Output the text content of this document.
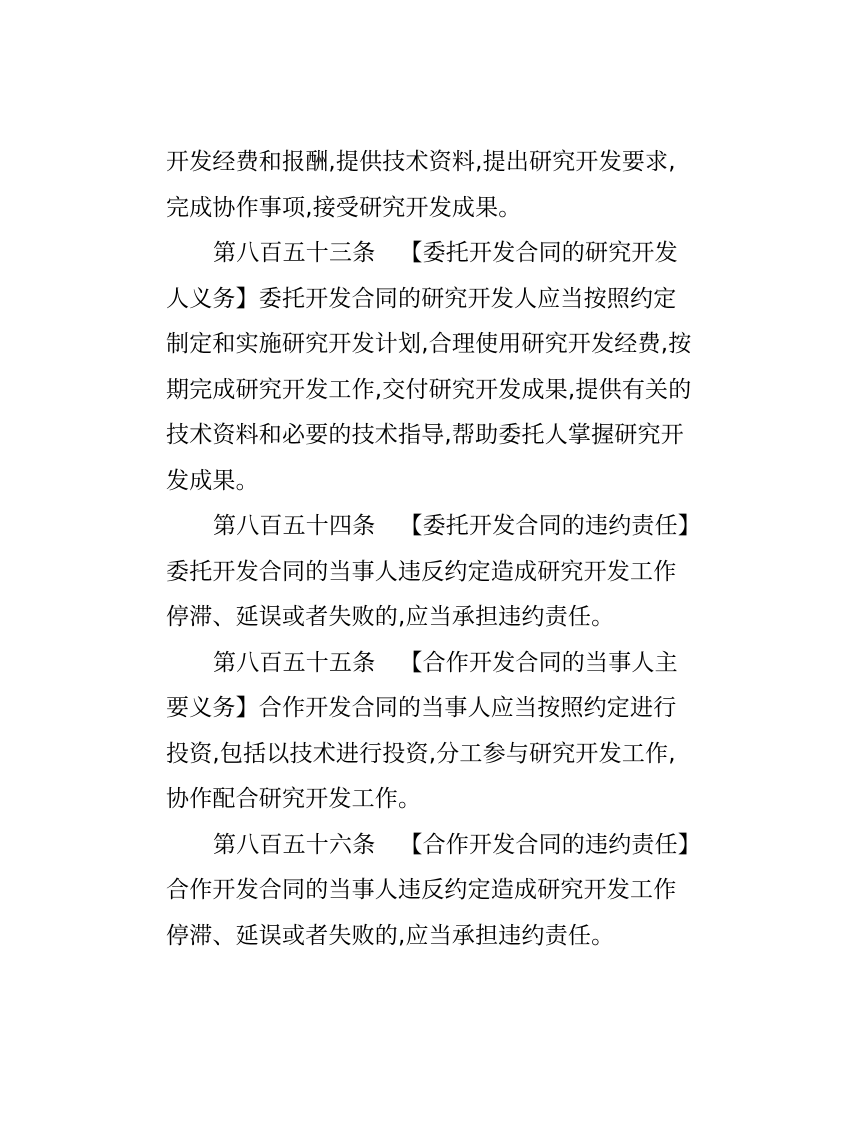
开发经费和报酬,提供技术资料,提出研究开发要求,
完成协作事项,接受研究开发成果。
第八百五十三条 【委托开发合同的研究开发
人义务】委托开发合同的研究开发人应当按照约定
制定和实施研究开发计划,合理使用研究开发经费,按
期完成研究开发工作,交付研究开发成果,提供有关的
技术资料和必要的技术指导,帮助委托人掌握研究开
发成果。
第八百五十四条 【委托开发合同的违约责任】
委托开发合同的当事人违反约定造成研究开发工作
停滞、延误或者失败的,应当承担违约责任。
第八百五十五条 【合作开发合同的当事人主
要义务】合作开发合同的当事人应当按照约定进行
投资,包括以技术进行投资,分工参与研究开发工作,
协作配合研究开发工作。
第八百五十六条 【合作开发合同的违约责任】
合作开发合同的当事人违反约定造成研究开发工作
停滞、延误或者失败的,应当承担违约责任。
